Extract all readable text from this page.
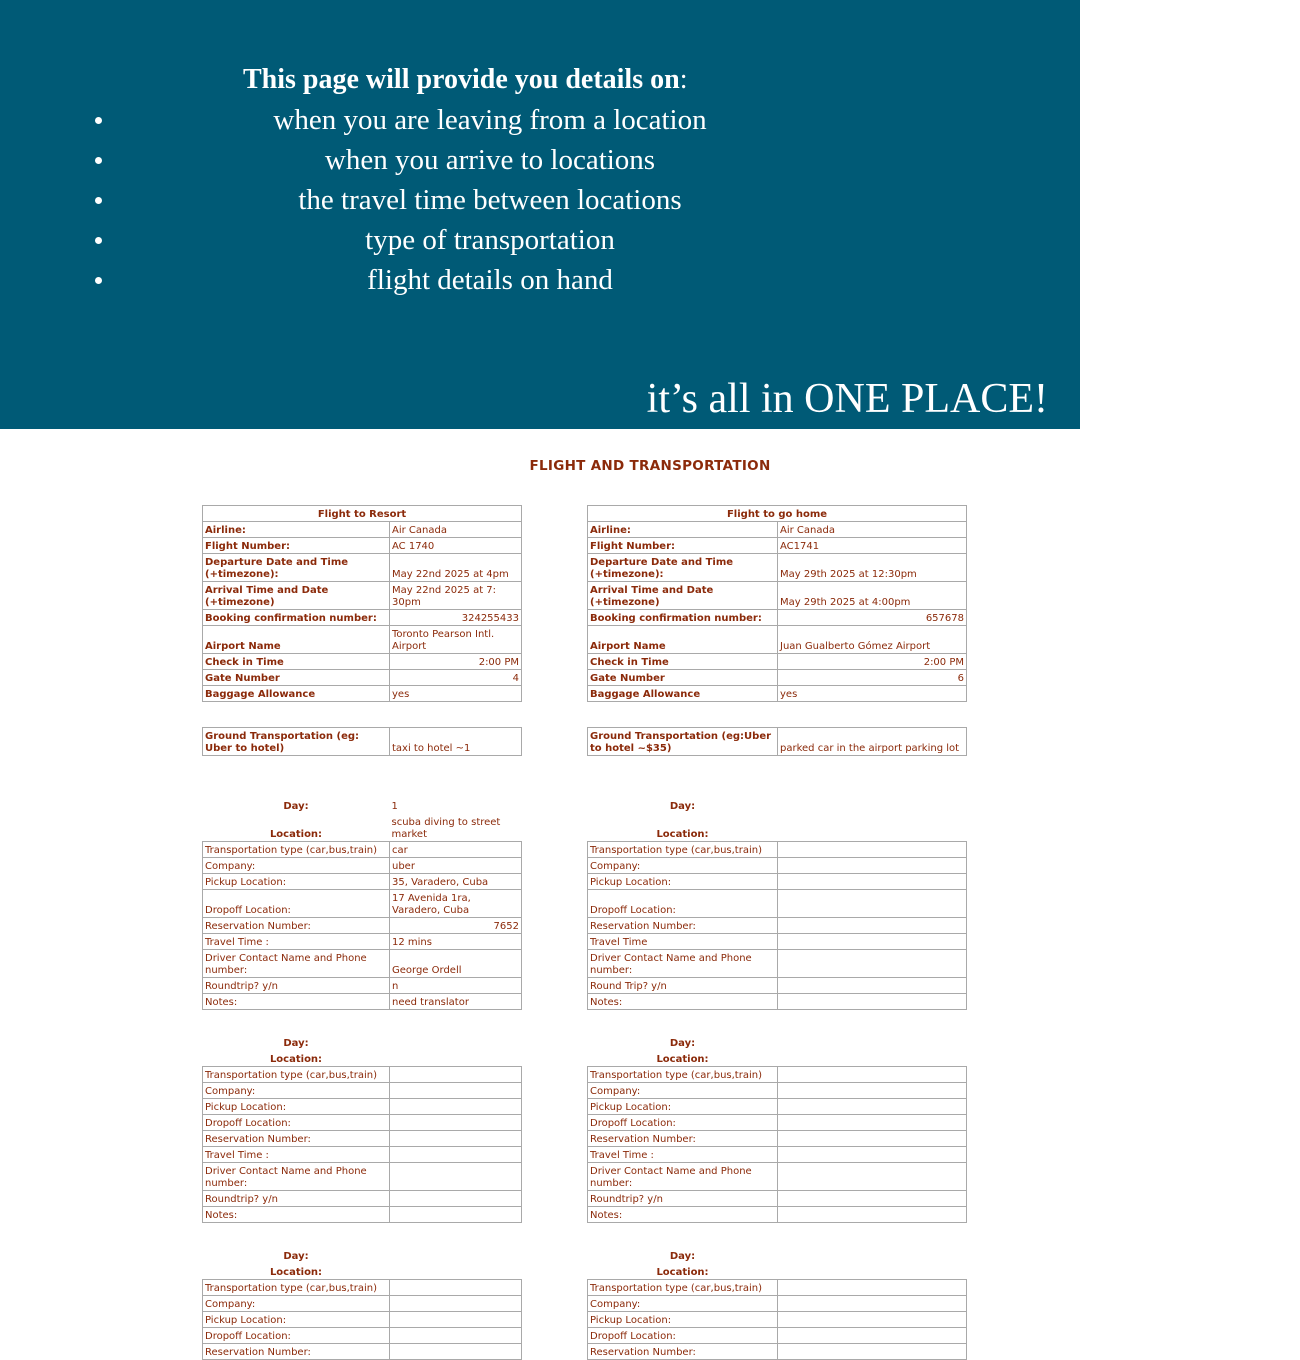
This page will provide you details on:
when you are leaving from a location
when you arrive to locations
the travel time between locations
type of transportation
flight details on hand
it’s all in ONE PLACE!
FLIGHT AND TRANSPORTATION
Flight to Resort	
Airline:	Air Canada
Flight Number:	AC 1740
Departure Date and Time (+timezone):	May 22nd 2025 at 4pm
Arrival Time and Date (+timezone)	May 22nd 2025 at 7: 30pm
Booking confirmation number:	324255433
Airport Name	Toronto Pearson Intl. Airport
Check in Time	2:00 PM
Gate Number	4
Baggage Allowance	yes
Flight to go home	
Airline:	Air Canada
Flight Number:	AC1741
Departure Date and Time (+timezone):	May 29th 2025 at 12:30pm
Arrival Time and Date (+timezone)	May 29th 2025 at 4:00pm
Booking confirmation number:	657678
Airport Name	Juan Gualberto Gómez Airport
Check in Time	2:00 PM
Gate Number	6
Baggage Allowance	yes
Ground Transportation (eg: Uber to hotel)	taxi to hotel ~1
Ground Transportation (eg:Uber to hotel ~$35)	parked car in the airport parking lot
Day:	1
Location:	scuba diving to street market
Transportation type (car,bus,train)	car
Company:	uber
Pickup Location:	35, Varadero, Cuba
Dropoff Location:	17 Avenida 1ra, Varadero, Cuba
Reservation Number:	7652
Travel Time :	12 mins
Driver Contact Name and Phone number:	George Ordell
Roundtrip? y/n	n
Notes:	need translator
Day:	
Location:	
Transportation type (car,bus,train)	
Company:	
Pickup Location:	
Dropoff Location:	
Reservation Number:	
Travel Time	
Driver Contact Name and Phone number:	
Round Trip? y/n	
Notes:	
Day:	
Location:	
Transportation type (car,bus,train)	
Company:	
Pickup Location:	
Dropoff Location:	
Reservation Number:	
Travel Time :	
Driver Contact Name and Phone number:	
Roundtrip? y/n	
Notes:	
Day:	
Location:	
Transportation type (car,bus,train)	
Company:	
Pickup Location:	
Dropoff Location:	
Reservation Number:	
Travel Time :	
Driver Contact Name and Phone number:	
Roundtrip? y/n	
Notes:	
Day:	
Location:	
Transportation type (car,bus,train)	
Company:	
Pickup Location:	
Dropoff Location:	
Reservation Number:	
Day:	
Location:	
Transportation type (car,bus,train)	
Company:	
Pickup Location:	
Dropoff Location:	
Reservation Number:	
